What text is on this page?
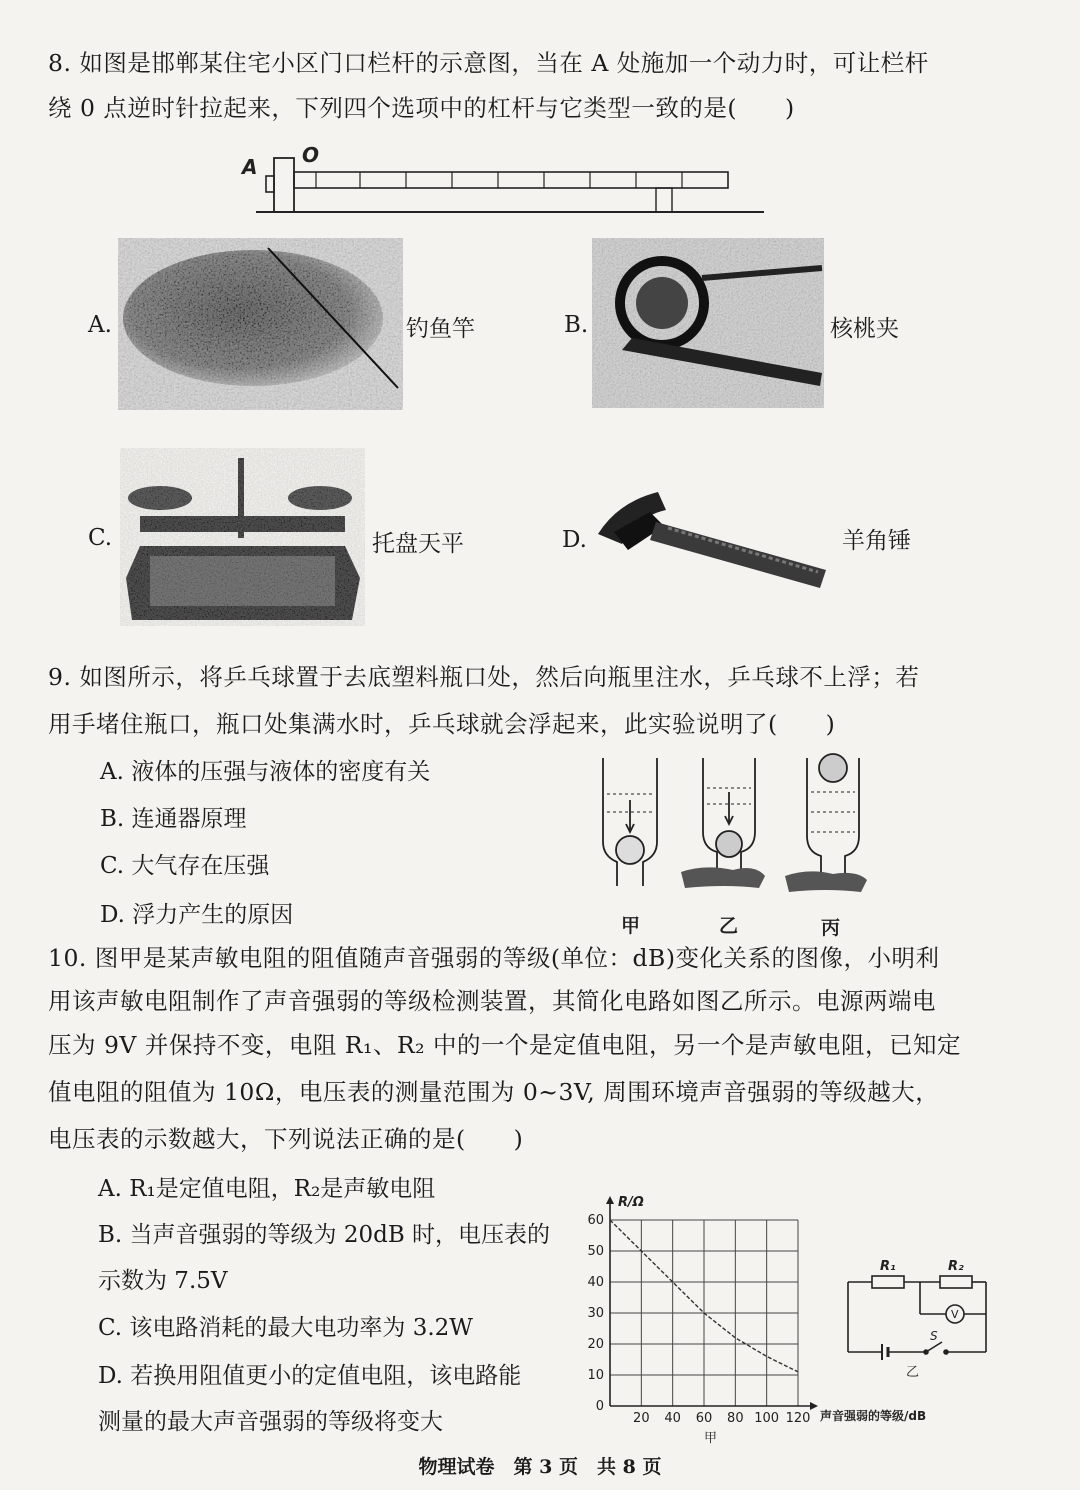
8. 如图是邯郸某住宅小区门口栏杆的示意图，当在 A 处施加一个动力时，可让栏杆
绕 0 点逆时针拉起来，下列四个选项中的杠杆与它类型一致的是(　　)
A O
A.	钓鱼竿	B.	核桃夹
C.	托盘天平	D.	羊角锤
9. 如图所示，将乒乓球置于去底塑料瓶口处，然后向瓶里注水，乒乓球不上浮；若
用手堵住瓶口，瓶口处集满水时，乒乓球就会浮起来，此实验说明了(　　)
A. 液体的压强与液体的密度有关
B. 连通器原理
C. 大气存在压强
D. 浮力产生的原因	甲	乙	丙
10. 图甲是某声敏电阻的阻值随声音强弱的等级(单位：dB)变化关系的图像，小明利
用该声敏电阻制作了声音强弱的等级检测装置，其简化电路如图乙所示。电源两端电
压为 9V 并保持不变，电阻 R₁、R₂ 中的一个是定值电阻，另一个是声敏电阻，已知定
值电阻的阻值为 10Ω，电压表的测量范围为 0~3V, 周围环境声音强弱的等级越大，
电压表的示数越大，下列说法正确的是(　　)
A. R₁是定值电阻，R₂是声敏电阻
B. 当声音强弱的等级为 20dB 时，电压表的
示数为 7.5V
C. 该电路消耗的最大电功率为 3.2W
D. 若换用阻值更小的定值电阻，该电路能
测量的最大声音强弱的等级将变大	20 40 60 80 100 120
0
10
20
30
40
50
60
R/Ω
声音强弱的等级/dB
甲
R₁	R₂
V
S
乙
物理试卷　第 3 页　共 8 页
